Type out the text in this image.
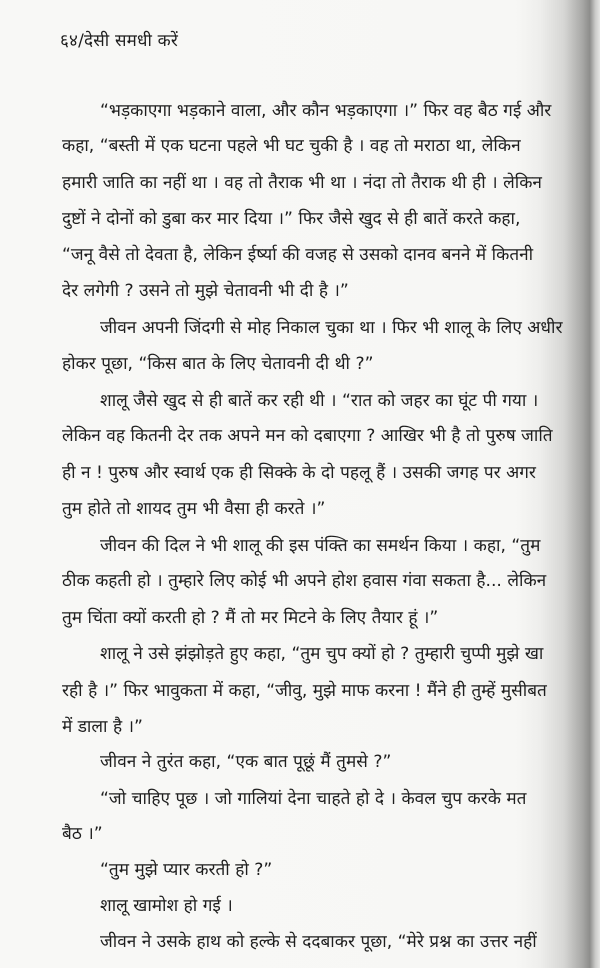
६४/देसी समधी करें
“भड़काएगा भड़काने वाला, और कौन भड़काएगा ।” फिर वह बैठ गई और
कहा, “बस्ती में एक घटना पहले भी घट चुकी है । वह तो मराठा था, लेकिन
हमारी जाति का नहीं था । वह तो तैराक भी था । नंदा तो तैराक थी ही । लेकिन
दुष्टों ने दोनों को डुबा कर मार दिया ।” फिर जैसे खुद से ही बातें करते कहा,
“जनू वैसे तो देवता है, लेकिन ईर्ष्या की वजह से उसको दानव बनने में कितनी
देर लगेगी ? उसने तो मुझे चेतावनी भी दी है ।”
जीवन अपनी जिंदगी से मोह निकाल चुका था । फिर भी शालू के लिए अधीर
होकर पूछा, “किस बात के लिए चेतावनी दी थी ?”
शालू जैसे खुद से ही बातें कर रही थी । “रात को जहर का घूंट पी गया ।
लेकिन वह कितनी देर तक अपने मन को दबाएगा ? आखिर भी है तो पुरुष जाति
ही न ! पुरुष और स्वार्थ एक ही सिक्के के दो पहलू हैं । उसकी जगह पर अगर
तुम होते तो शायद तुम भी वैसा ही करते ।”
जीवन की दिल ने भी शालू की इस पंक्ति का समर्थन किया । कहा, “तुम
ठीक कहती हो । तुम्हारे लिए कोई भी अपने होश हवास गंवा सकता है... लेकिन
तुम चिंता क्यों करती हो ? मैं तो मर मिटने के लिए तैयार हूं ।”
शालू ने उसे झंझोड़ते हुए कहा, “तुम चुप क्यों हो ? तुम्हारी चुप्पी मुझे खा
रही है ।” फिर भावुकता में कहा, “जीवु, मुझे माफ करना ! मैंने ही तुम्हें मुसीबत
में डाला है ।”
जीवन ने तुरंत कहा, “एक बात पूछूं मैं तुमसे ?”
“जो चाहिए पूछ । जो गालियां देना चाहते हो दे । केवल चुप करके मत
बैठ ।”
“तुम मुझे प्यार करती हो ?”
शालू खामोश हो गई ।
जीवन ने उसके हाथ को हल्के से ददबाकर पूछा, “मेरे प्रश्न का उत्तर नहीं
